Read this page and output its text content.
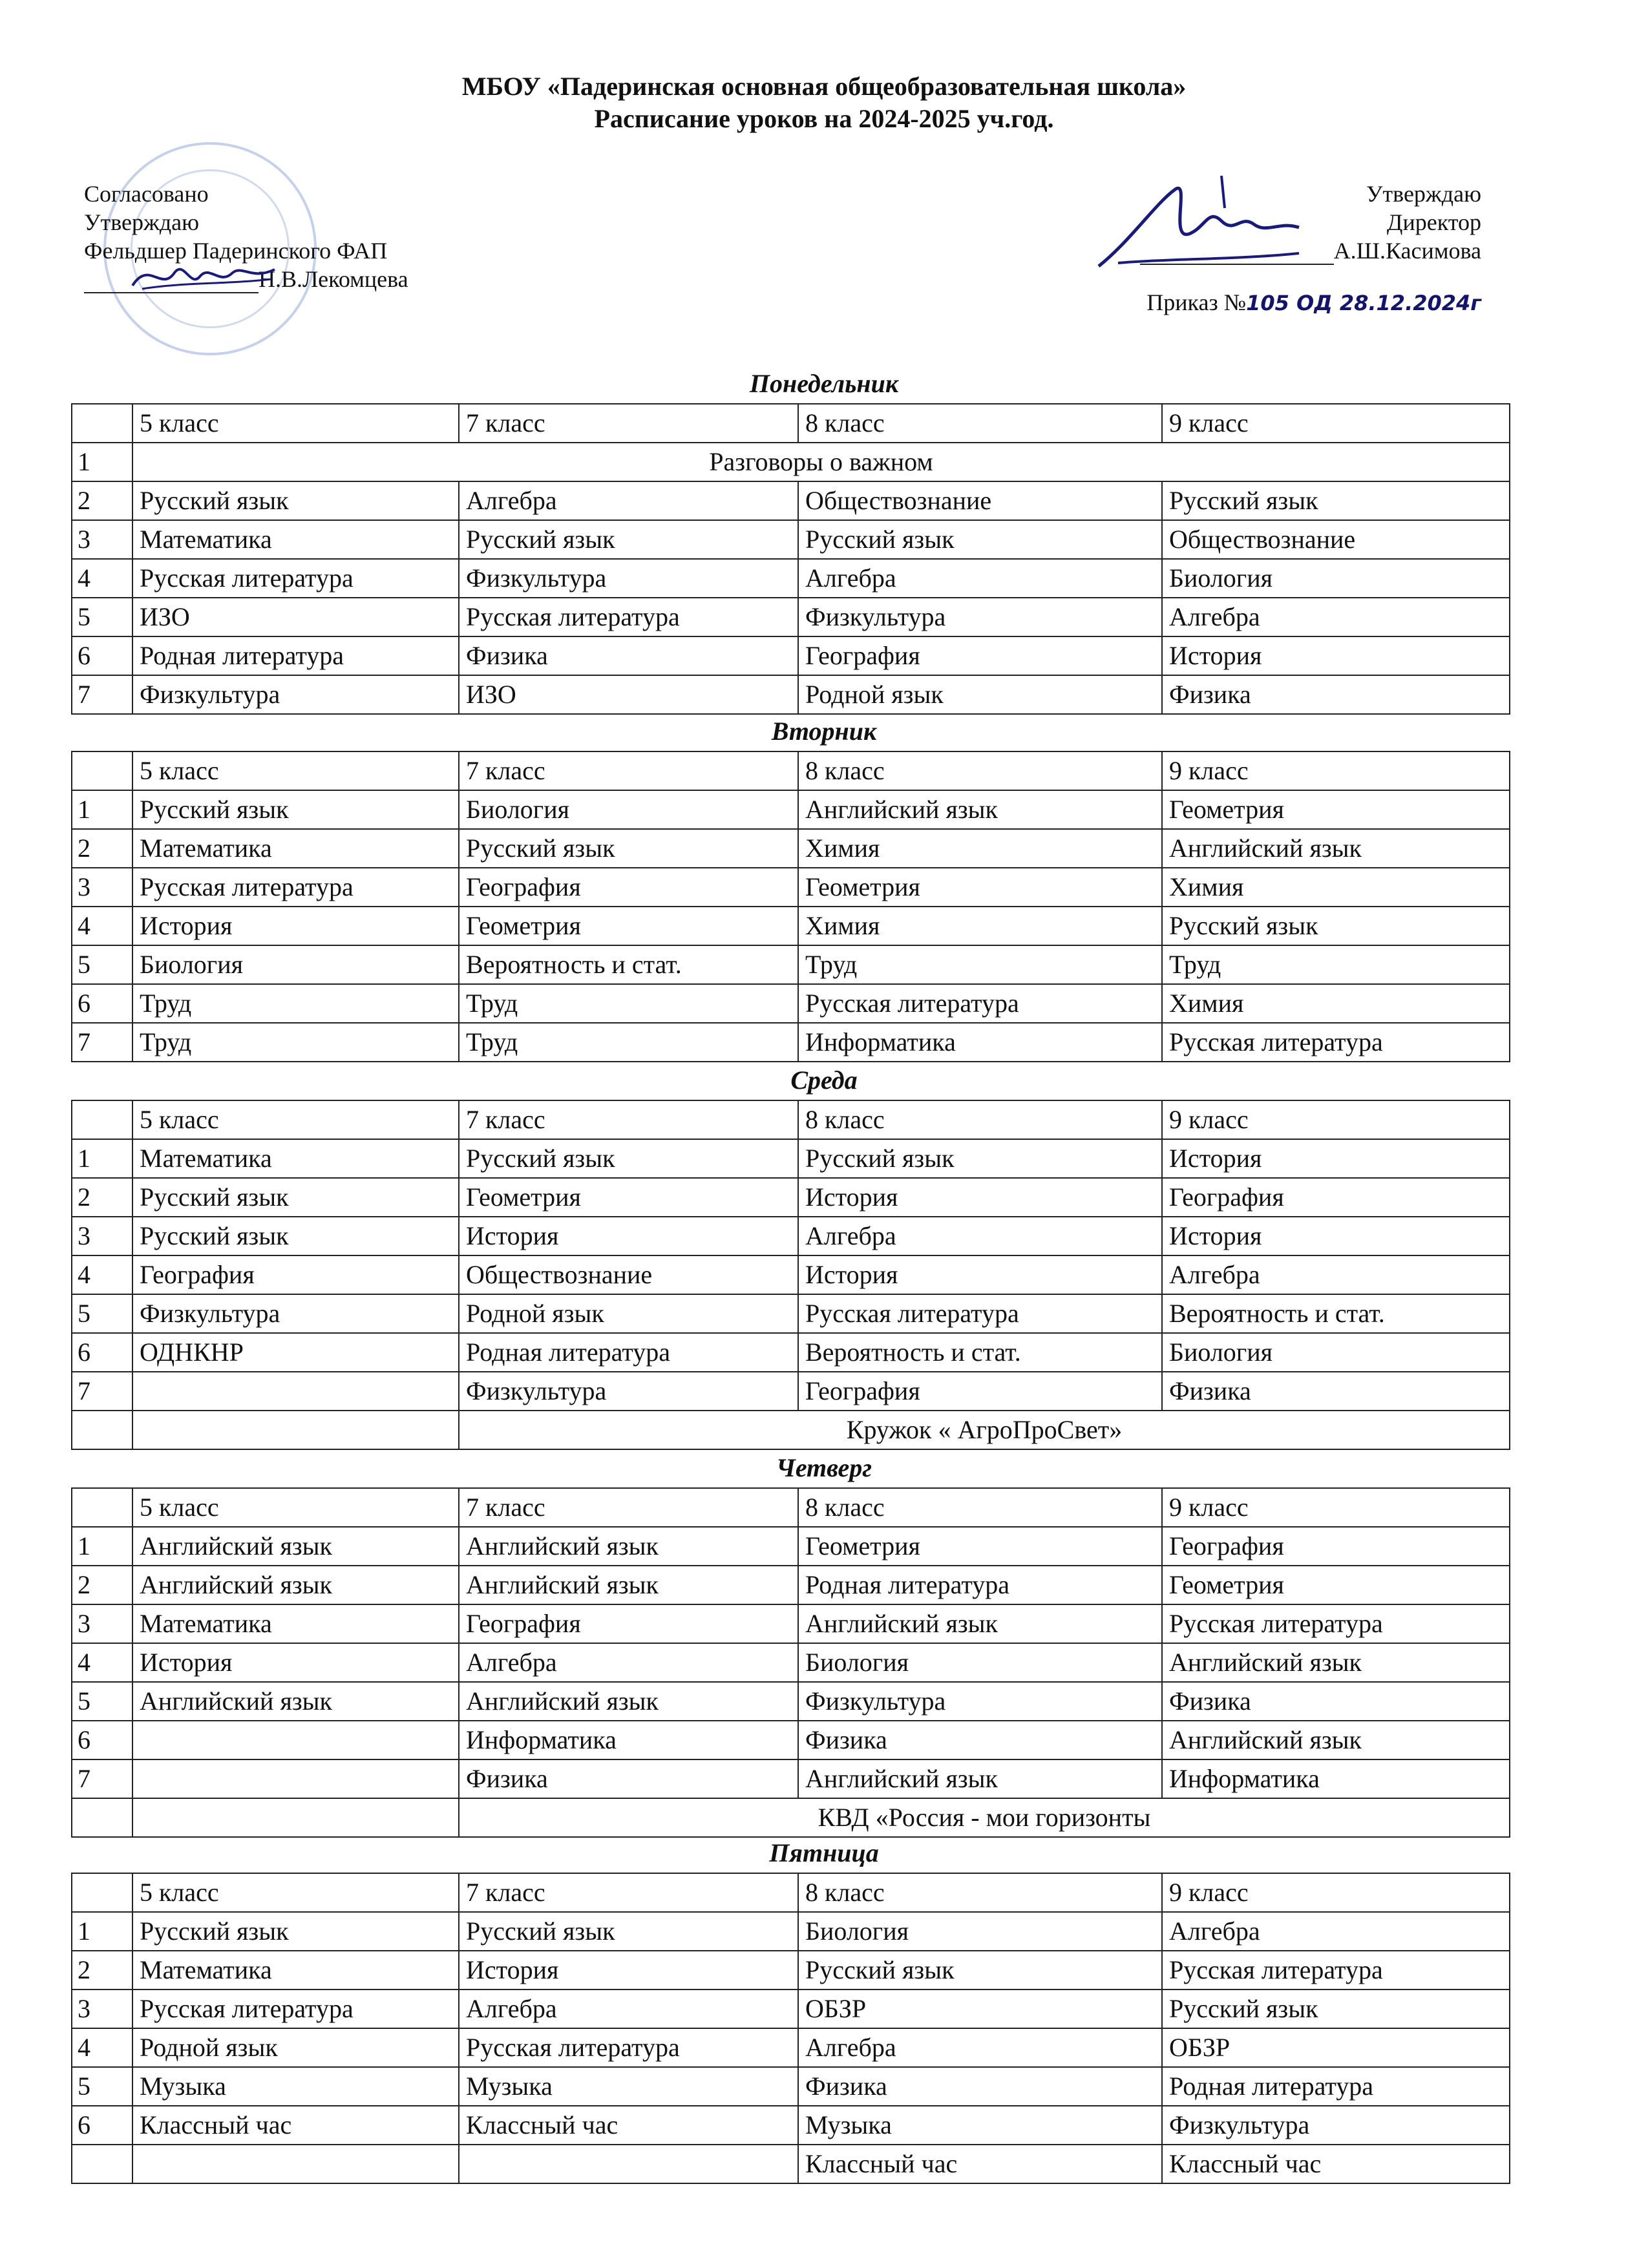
МБОУ «Падеринская основная общеобразовательная школа»
Расписание уроков на 2024-2025 уч.год.
Согласовано
Утверждаю
Фельдшер Падеринского ФАП
Н.В.Лекомцева
Утверждаю
Директор
А.Ш.Касимова
Приказ №105 ОД 28.12.2024г
Понедельник
	5 класс	7 класс	8 класс	9 класс
1	Разговоры о важном			
2	Русский язык	Алгебра	Обществознание	Русский язык
3	Математика	Русский язык	Русский язык	Обществознание
4	Русская литература	Физкультура	Алгебра	Биология
5	ИЗО	Русская литература	Физкультура	Алгебра
6	Родная литература	Физика	География	История
7	Физкультура	ИЗО	Родной язык	Физика
Вторник
	5 класс	7 класс	8 класс	9 класс
1	Русский язык	Биология	Английский язык	Геометрия
2	Математика	Русский язык	Химия	Английский язык
3	Русская литература	География	Геометрия	Химия
4	История	Геометрия	Химия	Русский язык
5	Биология	Вероятность и стат.	Труд	Труд
6	Труд	Труд	Русская литература	Химия
7	Труд	Труд	Информатика	Русская литература
Среда
	5 класс	7 класс	8 класс	9 класс
1	Математика	Русский язык	Русский язык	История
2	Русский язык	Геометрия	История	География
3	Русский язык	История	Алгебра	История
4	География	Обществознание	История	Алгебра
5	Физкультура	Родной язык	Русская литература	Вероятность и стат.
6	ОДНКНР	Родная литература	Вероятность и стат.	Биология
7		Физкультура	География	Физика
		Кружок « АгроПроСвет»		
Четверг
	5 класс	7 класс	8 класс	9 класс
1	Английский язык	Английский язык	Геометрия	География
2	Английский язык	Английский язык	Родная литература	Геометрия
3	Математика	География	Английский язык	Русская литература
4	История	Алгебра	Биология	Английский язык
5	Английский язык	Английский язык	Физкультура	Физика
6		Информатика	Физика	Английский язык
7		Физика	Английский язык	Информатика
		КВД «Россия - мои горизонты		
Пятница
	5 класс	7 класс	8 класс	9 класс
1	Русский язык	Русский язык	Биология	Алгебра
2	Математика	История	Русский язык	Русская литература
3	Русская литература	Алгебра	ОБЗР	Русский язык
4	Родной язык	Русская литература	Алгебра	ОБЗР
5	Музыка	Музыка	Физика	Родная литература
6	Классный час	Классный час	Музыка	Физкультура
			Классный час	Классный час
